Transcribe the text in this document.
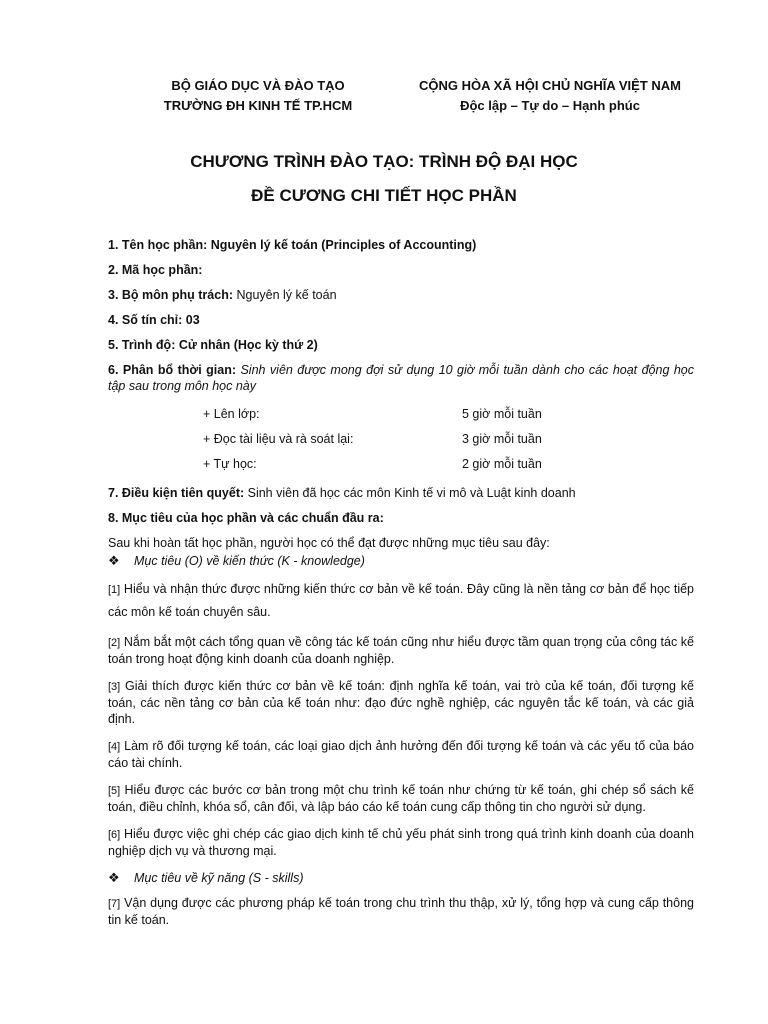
BỘ GIÁO DỤC VÀ ĐÀO TẠO
TRƯỜNG ĐH KINH TẾ TP.HCM
CỘNG HÒA XÃ HỘI CHỦ NGHĨA VIỆT NAM
Độc lập – Tự do – Hạnh phúc
CHƯƠNG TRÌNH ĐÀO TẠO: TRÌNH ĐỘ ĐẠI HỌC
ĐỀ CƯƠNG CHI TIẾT HỌC PHẦN
1. Tên học phần: Nguyên lý kế toán (Principles of Accounting)
2. Mã học phần:
3. Bộ môn phụ trách: Nguyên lý kế toán
4. Số tín chỉ: 03
5. Trình độ: Cử nhân (Học kỳ thứ 2)
6. Phân bổ thời gian: Sinh viên được mong đợi sử dụng 10 giờ mỗi tuần dành cho các hoạt động học tập sau trong môn học này
+ Lên lớp:	5 giờ mỗi tuần
+ Đọc tài liệu và rà soát lại:	3 giờ mỗi tuần
+ Tự học:	2 giờ mỗi tuần
7. Điều kiện tiên quyết: Sinh viên đã học các môn Kinh tế vi mô và Luật kinh doanh
8. Mục tiêu của học phần và các chuẩn đầu ra:
Sau khi hoàn tất học phần, người học có thể đạt được những mục tiêu sau đây:
❖	Mục tiêu (O) về kiến thức (K - knowledge)
[1] Hiểu và nhận thức được những kiến thức cơ bản về kế toán. Đây cũng là nền tảng cơ bản để học tiếp các môn kế toán chuyên sâu.
[2] Nắm bắt một cách tổng quan về công tác kế toán cũng như hiểu được tầm quan trọng của công tác kế toán trong hoạt động kinh doanh của doanh nghiệp.
[3] Giải thích được kiến thức cơ bản về kế toán: định nghĩa kế toán, vai trò của kế toán, đối tượng kế toán, các nền tảng cơ bản của kế toán như: đạo đức nghề nghiệp, các nguyên tắc kế toán, và các giả định.
[4] Làm rõ đối tượng kế toán, các loại giao dịch ảnh hưởng đến đối tượng kế toán và các yếu tố của báo cáo tài chính.
[5] Hiểu được các bước cơ bản trong một chu trình kế toán như chứng từ kế toán, ghi chép sổ sách kế toán, điều chỉnh, khóa sổ, cân đối, và lập báo cáo kế toán cung cấp thông tin cho người sử dụng.
[6] Hiểu được việc ghi chép các giao dịch kinh tế chủ yếu phát sinh trong quá trình kinh doanh của doanh nghiệp dịch vụ và thương mại.
❖	Mục tiêu về kỹ năng (S - skills)
[7] Vận dụng được các phương pháp kế toán trong chu trình thu thập, xử lý, tổng hợp và cung cấp thông tin kế toán.
